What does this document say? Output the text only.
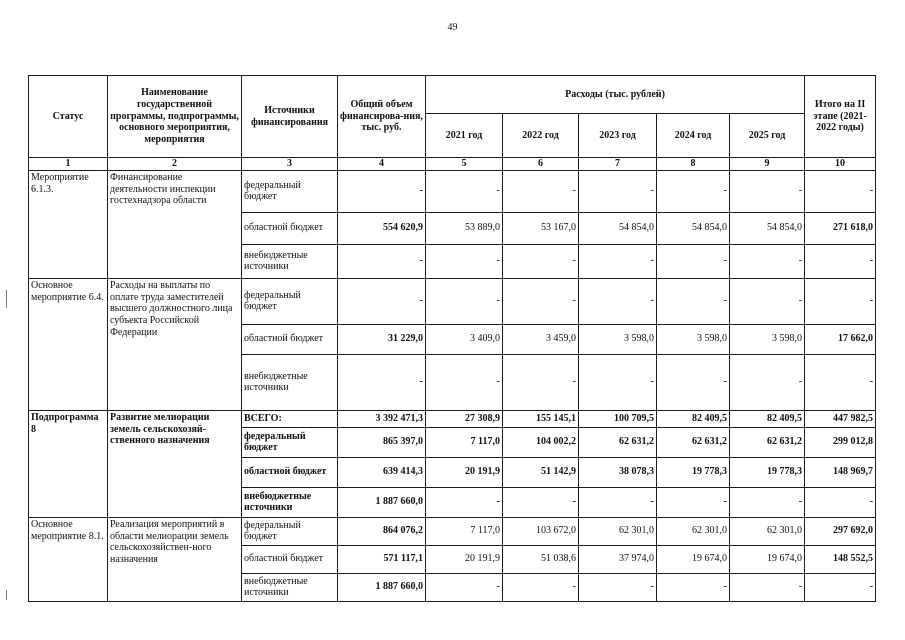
49
Статус	Наименование государственной программы, подпрограммы, основного мероприятия, мероприятия	Источники финансирования	Общий объем финансирова-ния, тыс. руб.	Расходы (тыс. рублей)					Итого на II этапе (2021-2022 годы)
				2021 год	2022 год	2023 год	2024 год	2025 год	
1	2	3	4	5	6	7	8	9	10
Мероприятие 6.1.3.	Финансирование деятельности инспекции гостехнадзора области	федеральный бюджет	-	-	-	-	-	-	-
		областной бюджет	554 620,9	53 889,0	53 167,0	54 854,0	54 854,0	54 854,0	271 618,0
		внебюджетные источники	-	-	-	-	-	-	-
Основное мероприятие 6.4.	Расходы на выплаты по оплате труда заместителей высшего должностного лица субъекта Российской Федерации	федеральный бюджет	-	-	-	-	-	-	-
		областной бюджет	31 229,0	3 409,0	3 459,0	3 598,0	3 598,0	3 598,0	17 662,0
		внебюджетные источники	-	-	-	-	-	-	-
Подпрограмма 8	Развитие мелиорации земель сельскохозяй-ственного назначения	ВСЕГО:	3 392 471,3	27 308,9	155 145,1	100 709,5	82 409,5	82 409,5	447 982,5
		федеральный бюджет	865 397,0	7 117,0	104 002,2	62 631,2	62 631,2	62 631,2	299 012,8
		областной бюджет	639 414,3	20 191,9	51 142,9	38 078,3	19 778,3	19 778,3	148 969,7
		внебюджетные источники	1 887 660,0	-	-	-	-	-	-
Основное мероприятие 8.1.	Реализация мероприятий в области мелиорации земель сельскохозяйствен-ного назначения	федеральный бюджет	864 076,2	7 117,0	103 672,0	62 301,0	62 301,0	62 301,0	297 692,0
		областной бюджет	571 117,1	20 191,9	51 038,6	37 974,0	19 674,0	19 674,0	148 552,5
		внебюджетные источники	1 887 660,0	-	-	-	-	-	-
